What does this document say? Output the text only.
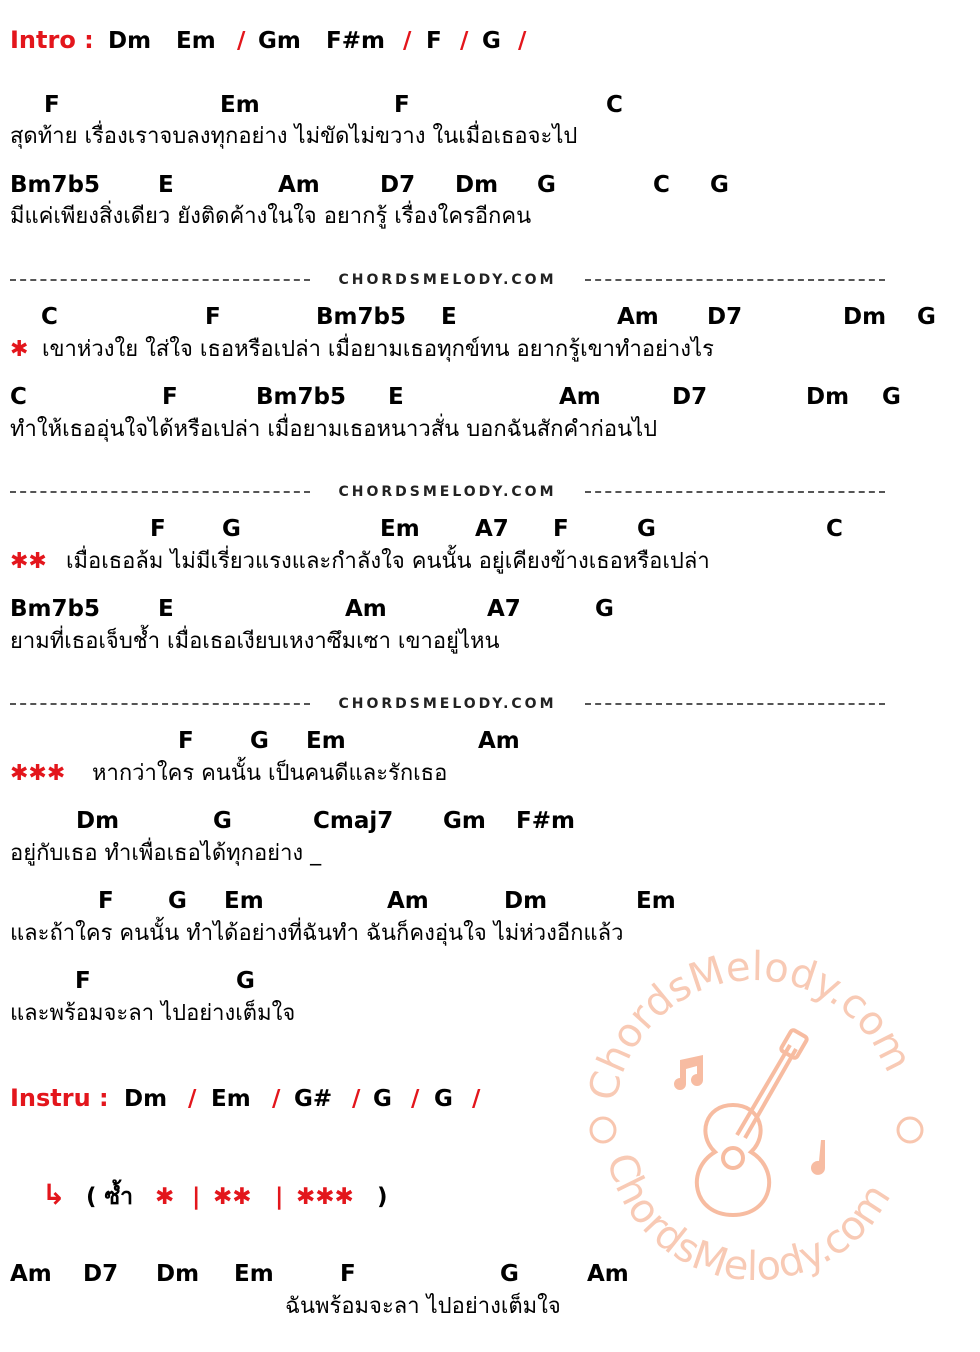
Intro : Dm Em / Gm F#m / F / G /
F	Em	F	C
สุดท้าย เรื่องเราจบลงทุกอย่าง ไม่ขัดไม่ขวาง ในเมื่อเธอจะไป
Bm7b5	E	Am	D7 Dm G	C G
มีแค่เพียงสิ่งเดียว ยังติดค้างในใจ อยากรู้ เรื่องใครอีกคน
CHORDSMELODY.COM
C	F	Bm7b5 E	Am D7	Dm G
✱ เขาห่วงใย ใส่ใจ เธอหรือเปล่า เมื่อยามเธอทุกข์ทน อยากรู้เขาทำอย่างไร
C	F	Bm7b5 E	Am	D7	Dm G
ทำให้เธออุ่นใจได้หรือเปล่า เมื่อยามเธอหนาวสั่น บอกฉันสักคำก่อนไป
CHORDSMELODY.COM
F G	Em A7 F	G	C
✱✱ เมื่อเธอล้ม ไม่มีเรี่ยวแรงและกำลังใจ คนนั้น อยู่เคียงข้างเธอหรือเปล่า
Bm7b5	E	Am	A7	G
ยามที่เธอเจ็บช้ำ เมื่อเธอเงียบเหงาซึมเซา เขาอยู่ไหน
CHORDSMELODY.COM
F G Em	Am
✱✱✱ หากว่าใคร คนนั้น เป็นคนดีและรักเธอ
Dm	G	Cmaj7 Gm F#m
อยู่กับเธอ ทำเพื่อเธอได้ทุกอย่าง _
F G Em	Am	Dm	Em
และถ้าใคร คนนั้น ทำได้อย่างที่ฉันทำ ฉันก็คงอุ่นใจ ไม่ห่วงอีกแล้ว
F	G
และพร้อมจะลา ไปอย่างเต็มใจ
Instru : Dm / Em / G# / G / G /
↳ ( ซ้ำ ✱ | ✱✱ | ✱✱✱ )
ChordsMelody.com
ChordsMelody.com
Am D7 Dm Em	F	G	Am
ฉันพร้อมจะลา ไปอย่างเต็มใจ
